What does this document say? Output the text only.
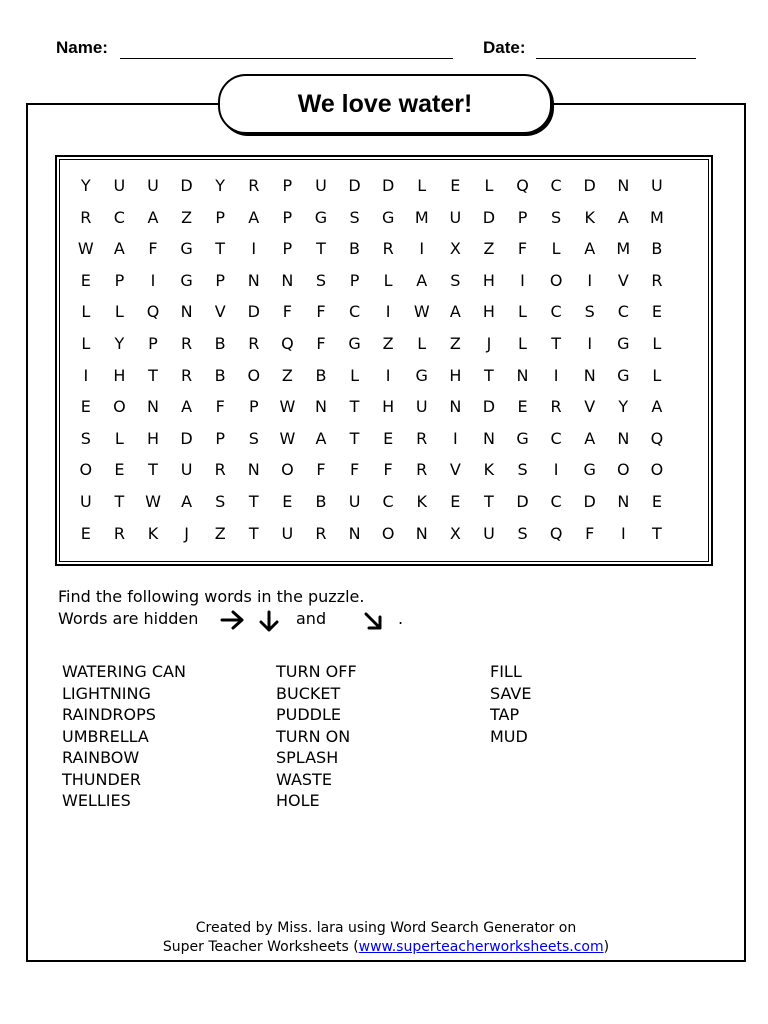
Name:	Date:
We love water!
Y	U	U	D	Y	R	P	U	D	D	L	E	L	Q	C	D	N	U
R	C	A	Z	P	A	P	G	S	G	M	U	D	P	S	K	A	M
W	A	F	G	T	I	P	T	B	R	I	X	Z	F	L	A	M	B
E	P	I	G	P	N	N	S	P	L	A	S	H	I	O	I	V	R
L	L	Q	N	V	D	F	F	C	I	W	A	H	L	C	S	C	E
L	Y	P	R	B	R	Q	F	G	Z	L	Z	J	L	T	I	G	L
I	H	T	R	B	O	Z	B	L	I	G	H	T	N	I	N	G	L
E	O	N	A	F	P	W	N	T	H	U	N	D	E	R	V	Y	A
S	L	H	D	P	S	W	A	T	E	R	I	N	G	C	A	N	Q
O	E	T	U	R	N	O	F	F	F	R	V	K	S	I	G	O	O
U	T	W	A	S	T	E	B	U	C	K	E	T	D	C	D	N	E
E	R	K	J	Z	T	U	R	N	O	N	X	U	S	Q	F	I	T
Find the following words in the puzzle.
Words are hidden	and	.
WATERING CAN
LIGHTNING
RAINDROPS
UMBRELLA
RAINBOW
THUNDER
WELLIES
TURN OFF
BUCKET
PUDDLE
TURN ON
SPLASH
WASTE
HOLE
FILL
SAVE
TAP
MUD
Created by Miss. lara using Word Search Generator on
Super Teacher Worksheets (www.superteacherworksheets.com)
